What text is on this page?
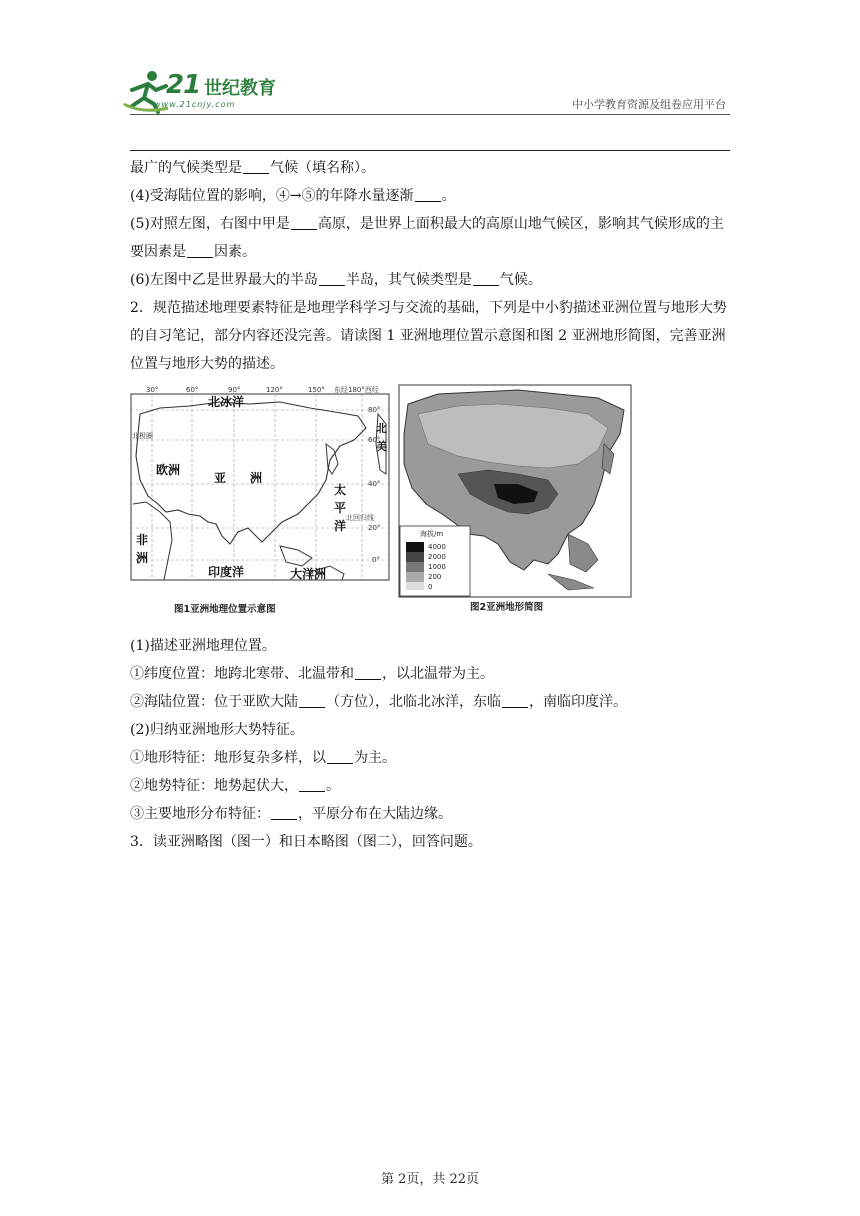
21 世纪教育
www.21cnjy.com	中小学教育资源及组卷应用平台

最广的气候类型是 气候（填名称）。

(4)受海陆位置的影响，④→⑤的年降水量逐渐 。

(5)对照左图，右图中甲是 高原，是世界上面积最大的高原山地气候区，影响其气候形成的主要因素是 因素。

(6)左图中乙是世界最大的半岛 半岛，其气候类型是 气候。

2．规范描述地理要素特征是地理学科学习与交流的基础，下列是中小豹描述亚洲位置与地形大势的自习笔记，部分内容还没完善。请读图 1 亚洲地理位置示意图和图 2 亚洲地形简图，完善亚洲位置与地形大势的描述。

30°	60°	90°	120°	150° 东经180°西经
80°
60°
40°
20°
0°
北冰洋
北极圈
欧洲
亚 洲
太
平
洋
北回归线
非
洲
印度洋	大洋洲
北
美
图1亚洲地理位置示意图
海拔/m
4000
2000
1000
200
0
图2亚洲地形简图

(1)描述亚洲地理位置。

①纬度位置：地跨北寒带、北温带和 ，以北温带为主。

②海陆位置：位于亚欧大陆 （方位），北临北冰洋，东临 ，南临印度洋。

(2)归纳亚洲地形大势特征。

①地形特征：地形复杂多样，以 为主。

②地势特征：地势起伏大， 。

③主要地形分布特征： ，平原分布在大陆边缘。

3．读亚洲略图（图一）和日本略图（图二），回答问题。

第 2页，共 22页
